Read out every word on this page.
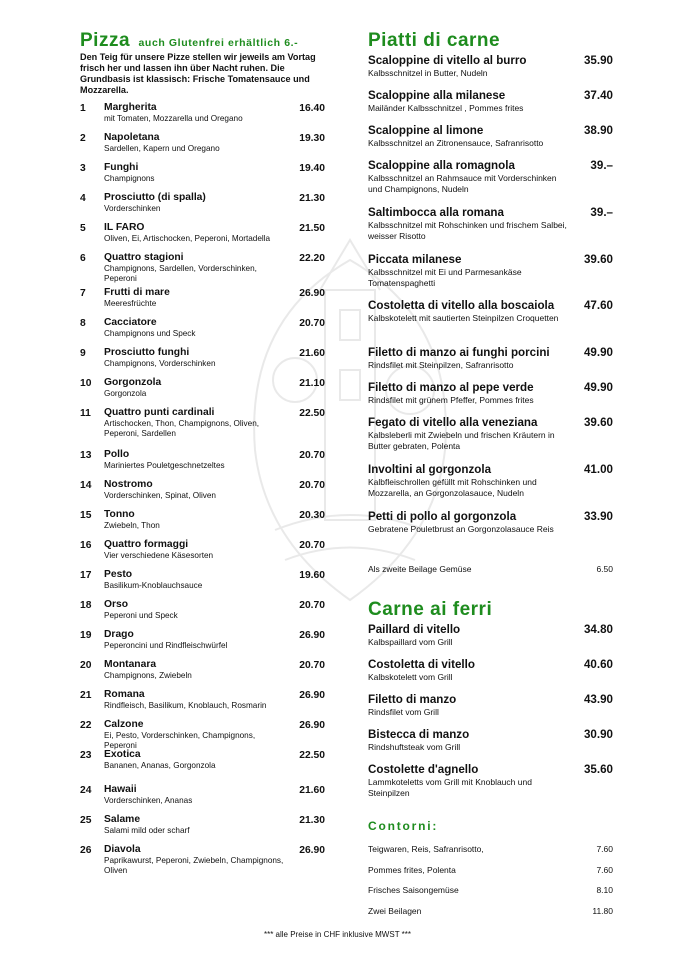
Pizza auch Glutenfrei erhältlich 6.-
Den Teig für unsere Pizze stellen wir jeweils am Vortag frisch her und lassen ihn über Nacht ruhen. Die Grundbasis ist klassisch: Frische Tomatensauce und Mozzarella.
1	Margherita
mit Tomaten, Mozzarella und Oregano
16.40
2	Napoletana
Sardellen, Kapern und Oregano
19.30
3	Funghi
Champignons
19.40
4	Prosciutto (di spalla)
Vorderschinken
21.30
5	IL FARO
Oliven, Ei, Artischocken, Peperoni, Mortadella
21.50
6	Quattro stagioni
Champignons, Sardellen, Vorderschinken, Peperoni
22.20
7	Frutti di mare
Meeresfrüchte
26.90
8	Cacciatore
Champignons und Speck
20.70
9	Prosciutto funghi
Champignons, Vorderschinken
21.60
10	Gorgonzola
Gorgonzola
21.10
11	Quattro punti cardinali
Artischocken, Thon, Champignons, Oliven, Peperoni, Sardellen
22.50
13	Pollo
Mariniertes Pouletgeschnetzeltes
20.70
14	Nostromo
Vorderschinken, Spinat, Oliven
20.70
15	Tonno
Zwiebeln, Thon
20.30
16	Quattro formaggi
Vier verschiedene Käsesorten
20.70
17	Pesto
Basilikum-Knoblauchsauce
19.60
18	Orso
Peperoni und Speck
20.70
19	Drago
Peperoncini und Rindfleischwürfel
26.90
20	Montanara
Champignons, Zwiebeln
20.70
21	Romana
Rindfleisch, Basilikum, Knoblauch, Rosmarin
26.90
22	Calzone
Ei, Pesto, Vorderschinken, Champignons, Peperoni
26.90
23	Exotica
Bananen, Ananas, Gorgonzola
22.50
24	Hawaii
Vorderschinken, Ananas
21.60
25	Salame
Salami mild oder scharf
21.30
26	Diavola
Paprikawurst, Peperoni, Zwiebeln, Champignons, Oliven
26.90
Piatti di carne
Scaloppine di vitello al burro
Kalbsschnitzel in Butter, Nudeln
35.90
Scaloppine alla milanese
Mailänder Kalbsschnitzel , Pommes frites
37.40
Scaloppine al limone
Kalbsschnitzel an Zitronensauce, Safranrisotto
38.90
Scaloppine alla romagnola
Kalbsschnitzel an Rahmsauce mit Vorderschinken und Champignons, Nudeln
39.–
Saltimbocca alla romana
Kalbsschnitzel mit Rohschinken und frischem Salbei, weisser Risotto
39.–
Piccata milanese
Kalbsschnitzel mit Ei und Parmesankäse Tomatenspaghetti
39.60
Costoletta di vitello alla boscaiola
Kalbskotelett mit sautierten Steinpilzen Croquetten
47.60
Filetto di manzo ai funghi porcini
Rindsfilet mit Steinpilzen, Safranrisotto
49.90
Filetto di manzo al pepe verde
Rindsfilet mit grünem Pfeffer, Pommes frites
49.90
Fegato di vitello alla veneziana
Kalbsleberli mit Zwiebeln und frischen Kräutern in Butter gebraten, Polenta
39.60
Involtini al gorgonzola
Kalbfleischrollen gefüllt mit Rohschinken und Mozzarella, an Gorgonzolasauce, Nudeln
41.00
Petti di pollo al gorgonzola
Gebratene Pouletbrust an Gorgonzolasauce Reis
33.90
Als zweite Beilage Gemüse	6.50
Carne ai ferri
Paillard di vitello
Kalbspaillard vom Grill
34.80
Costoletta di vitello
Kalbskotelett vom Grill
40.60
Filetto di manzo
Rindsfilet vom Grill
43.90
Bistecca di manzo
Rindshuftsteak vom Grill
30.90
Costolette d'agnello
Lammkoteletts vom Grill mit Knoblauch und Steinpilzen
35.60
Contorni:
Teigwaren, Reis, Safranrisotto,	7.60
Pommes frites, Polenta	7.60
Frisches Saisongemüse	8.10
Zwei Beilagen	11.80
*** alle Preise in CHF inklusive MWST ***
